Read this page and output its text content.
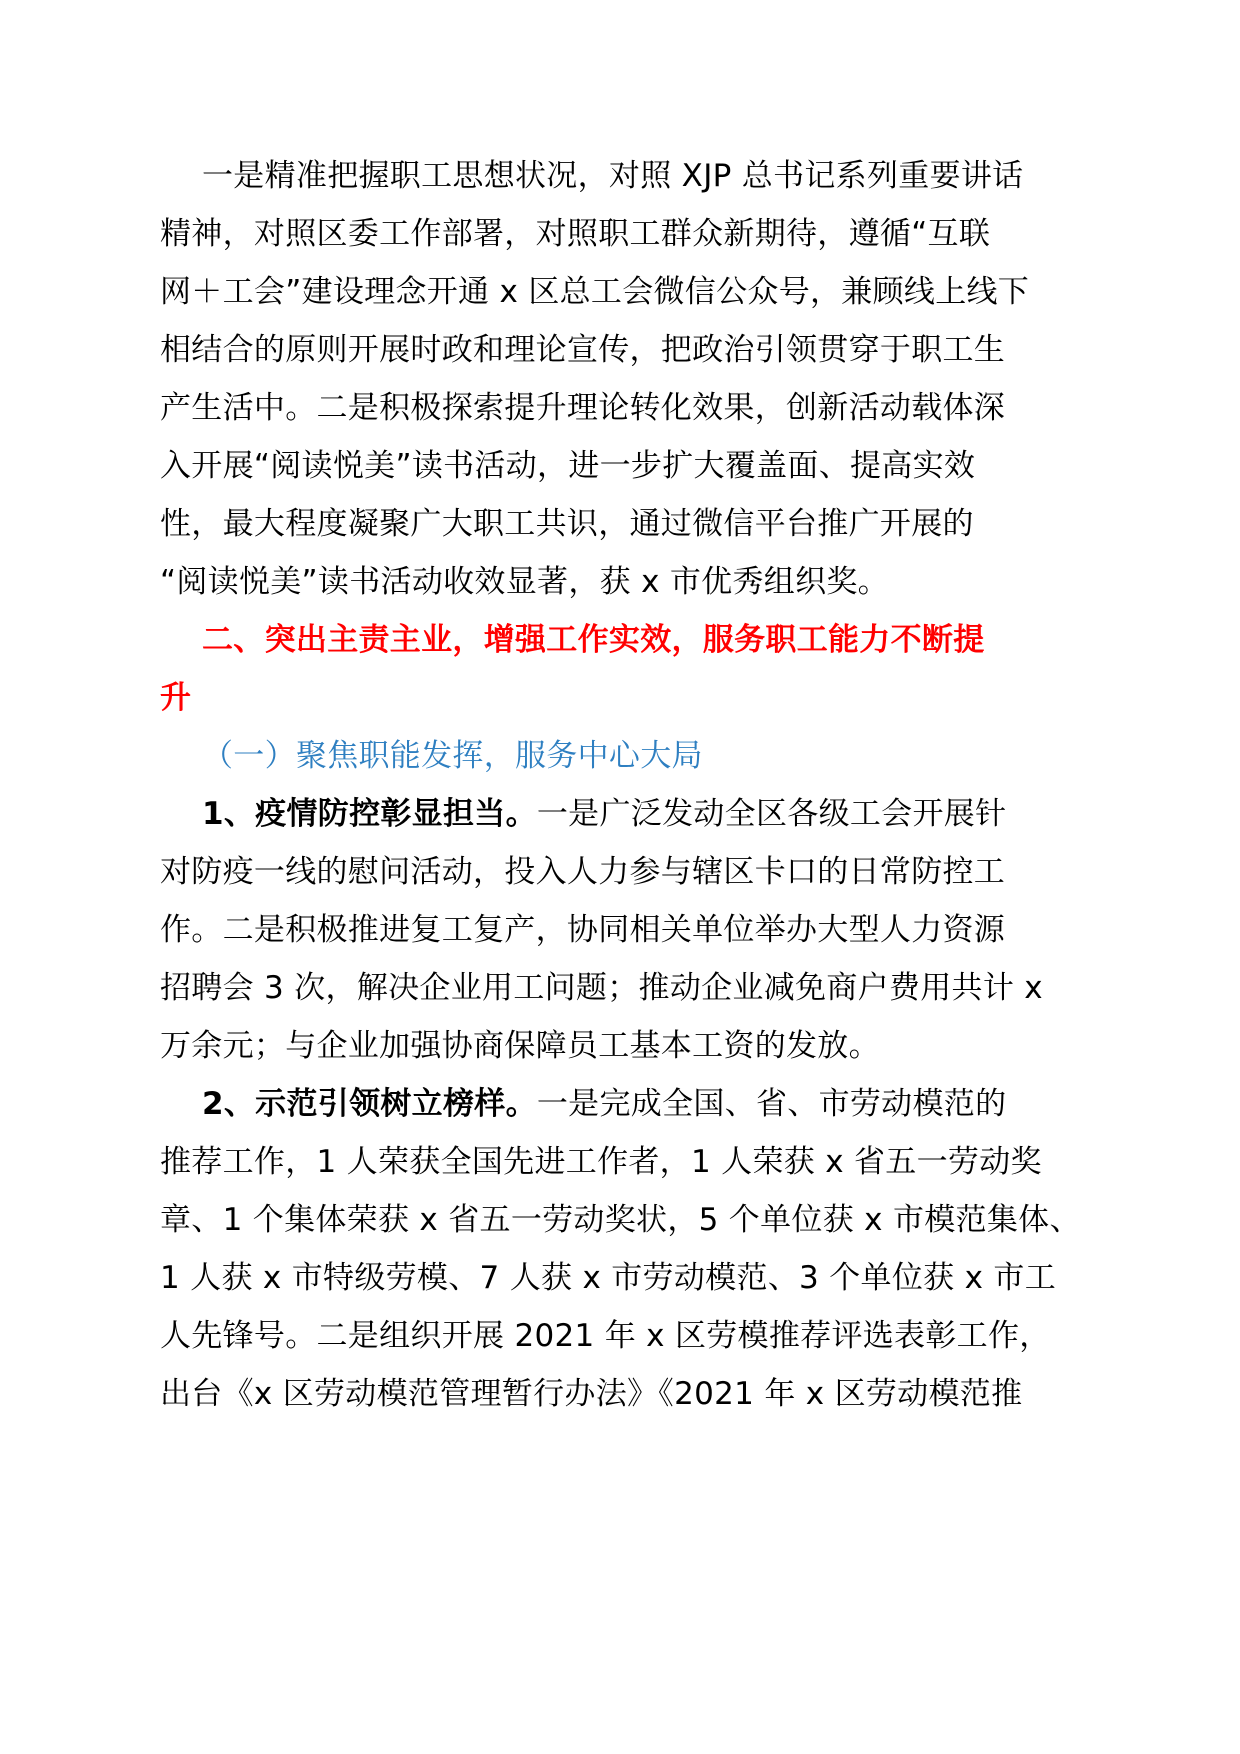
一是精准把握职工思想状况，对照 XJP 总书记系列重要讲话
精神，对照区委工作部署，对照职工群众新期待，遵循“互联
网＋工会”建设理念开通 x 区总工会微信公众号，兼顾线上线下
相结合的原则开展时政和理论宣传，把政治引领贯穿于职工生
产生活中。二是积极探索提升理论转化效果，创新活动载体深
入开展“阅读悦美”读书活动，进一步扩大覆盖面、提高实效
性，最大程度凝聚广大职工共识，通过微信平台推广开展的
“阅读悦美”读书活动收效显著，获 x 市优秀组织奖。
二、突出主责主业，增强工作实效，服务职工能力不断提
升
（一）聚焦职能发挥，服务中心大局
1、疫情防控彰显担当。一是广泛发动全区各级工会开展针
对防疫一线的慰问活动，投入人力参与辖区卡口的日常防控工
作。二是积极推进复工复产，协同相关单位举办大型人力资源
招聘会 3 次，解决企业用工问题；推动企业减免商户费用共计 x
万余元；与企业加强协商保障员工基本工资的发放。
2、示范引领树立榜样。一是完成全国、省、市劳动模范的
推荐工作，1 人荣获全国先进工作者，1 人荣获 x 省五一劳动奖
章、1 个集体荣获 x 省五一劳动奖状，5 个单位获 x 市模范集体、
1 人获 x 市特级劳模、7 人获 x 市劳动模范、3 个单位获 x 市工
人先锋号。二是组织开展 2021 年 x 区劳模推荐评选表彰工作，
出台《x 区劳动模范管理暂行办法》《2021 年 x 区劳动模范推
